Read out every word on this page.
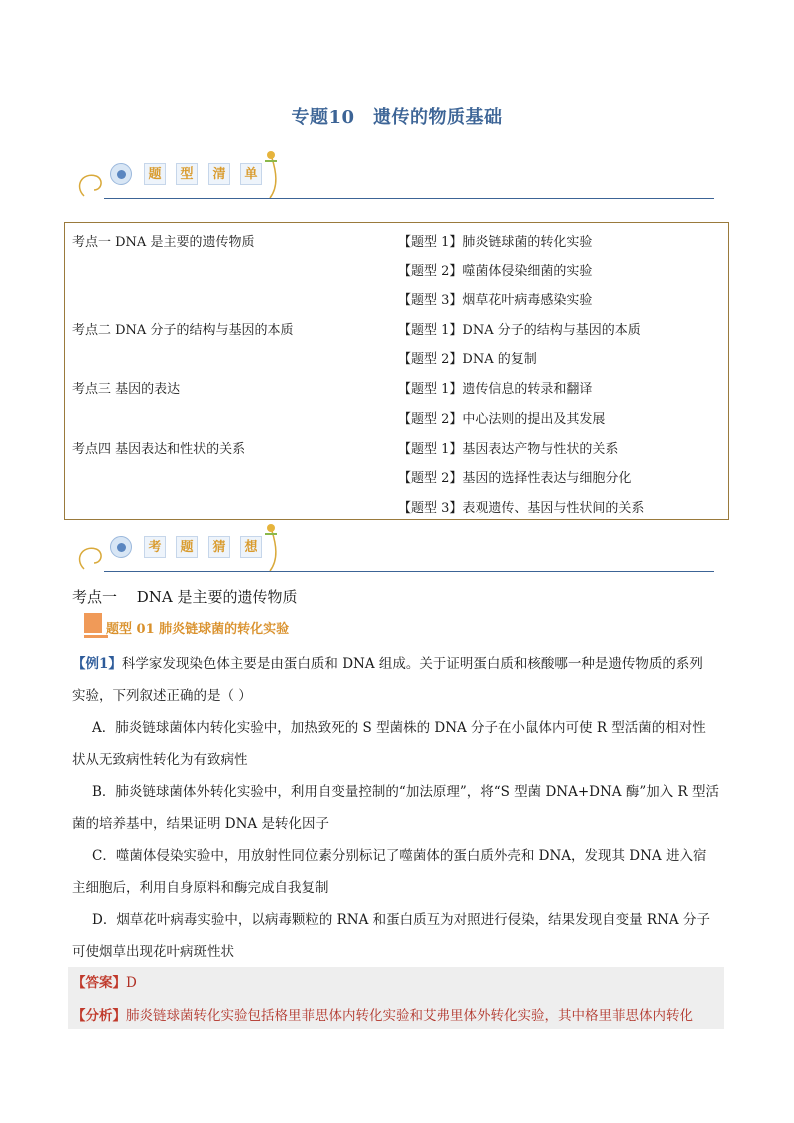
专题10　遗传的物质基础
题	型	清	单
考点一 DNA 是主要的遗传物质	【题型 1】肺炎链球菌的转化实验
【题型 2】噬菌体侵染细菌的实验
【题型 3】烟草花叶病毒感染实验
考点二 DNA 分子的结构与基因的本质	【题型 1】DNA 分子的结构与基因的本质
【题型 2】DNA 的复制
考点三 基因的表达	【题型 1】遗传信息的转录和翻译
【题型 2】中心法则的提出及其发展
考点四 基因表达和性状的关系	【题型 1】基因表达产物与性状的关系
【题型 2】基因的选择性表达与细胞分化
【题型 3】表观遗传、基因与性状间的关系
考	题	猜	想
考点一　 DNA 是主要的遗传物质
题型 01 肺炎链球菌的转化实验
【例1】科学家发现染色体主要是由蛋白质和 DNA 组成。关于证明蛋白质和核酸哪一种是遗传物质的系列
实验，下列叙述正确的是（ ）
A．肺炎链球菌体内转化实验中，加热致死的 S 型菌株的 DNA 分子在小鼠体内可使 R 型活菌的相对性
状从无致病性转化为有致病性
B．肺炎链球菌体外转化实验中，利用自变量控制的“加法原理”，将“S 型菌 DNA+DNA 酶”加入 R 型活
菌的培养基中，结果证明 DNA 是转化因子
C．噬菌体侵染实验中，用放射性同位素分别标记了噬菌体的蛋白质外壳和 DNA，发现其 DNA 进入宿
主细胞后，利用自身原料和酶完成自我复制
D．烟草花叶病毒实验中，以病毒颗粒的 RNA 和蛋白质互为对照进行侵染，结果发现自变量 RNA 分子
可使烟草出现花叶病斑性状
【答案】D
【分析】肺炎链球菌转化实验包括格里菲思体内转化实验和艾弗里体外转化实验，其中格里菲思体内转化
